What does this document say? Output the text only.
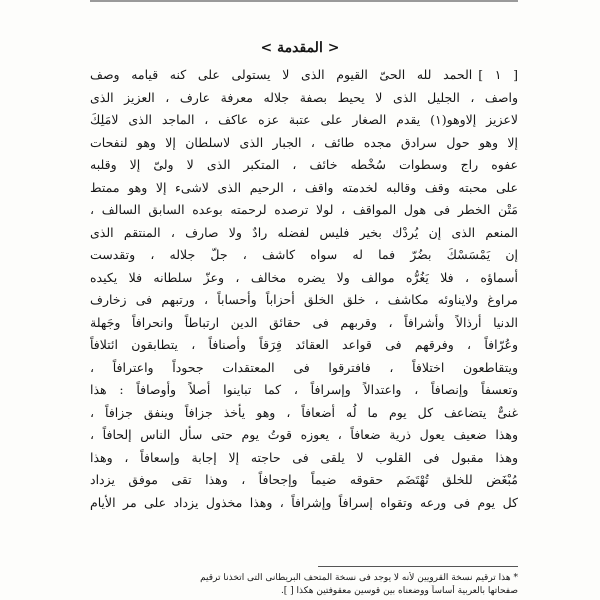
< المقدمة >
[ ١ ]الحمد لله الحىّ القيوم الذى لا يستولى على كنه قيامه وصف
واصف ، الجليل الذى لا يحيط بصفة جلاله معرفة عارف ، العزيز الذى
لاعزيز إلاوهو(١) يقدم الصغار على عتبة عزه عاكف ، الماجد الذى لامَلِكَ
إلا وهو حول سرادق مجده طائف ، الجبار الذى لاسلطان إلا وهو لنفحات
عفوه راج وسطوات سُخْطه خائف ، المتكبر الذى لا ولىّ إلا وقلبه
على محبته وقف وقالبه لخدمته واقف ، الرحيم الذى لاشىء إلا وهو ممتط
مَتْن الخطر فى هول المواقف ، لولا ترصده لرحمته بوعده السابق السالف ،
المنعم الذى إن يُردْك بخير فليس لفضله رادٌ ولا صارف ، المنتقم الذى
إن يَمْسَسْكَ بضُرّ فما له سواه كاشف ، جلّ جلاله ، وتقدست
أسماؤه ، فلا يَغُرُّه موالف ولا يضره مخالف ، وعزّ سلطانه فلا يكيده
مراوغ ولايناوئه مكاشف ، خلق الخلق أحزاباً وأحساباً ، ورتبهم فى زخارف
الدنيا أرذالاً وأشرافاً ، وقربهم فى حقائق الدين ارتباطاً وانحرافاً وجَهلة
وعُرّافاً ، وفرقهم فى قواعد العقائد فِرَقاً وأصنافاً ، يتطابقون ائتلافاً
ويتقاطعون اختلافاً ، فافترقوا فى المعتقدات جحوداً واعترافاً ،
وتعسفاً وإنصافاً ، واعتدالاً وإسرافاً ، كما تباينوا أصلاً وأوصافاً : هذا
غنىٌّ يتضاعف كل يوم ما لُه أضعافاً ، وهو يأخذ جزافاً وينفق جزافاً ،
وهذا ضعيف يعول ذرية ضعافاً ، يعوزه قوتُ يوم حتى سأل الناس إلحافاً ،
وهذا مقبول فى القلوب لا يلقى فى حاجته إلا إجابة وإسعافاً ، وهذا
مُبْغَض للخلق تُهْتَضَم حقوقه ضيماً وإجحافاً ، وهذا تقى موفق يزداد
كل يوم فى ورعه وتقواه إسرافاً وإشرافاً ، وهذا مخذول يزداد على مر الأيام
* هذا ترقيم نسخة القرويين لأنه لا يوجد فى نسخة المتحف البريطانى التى اتخذنا ترقيم
صفحاتها بالعربية أساساً ووضعناه بين قوسين معقوفتين هكذا [ ].
